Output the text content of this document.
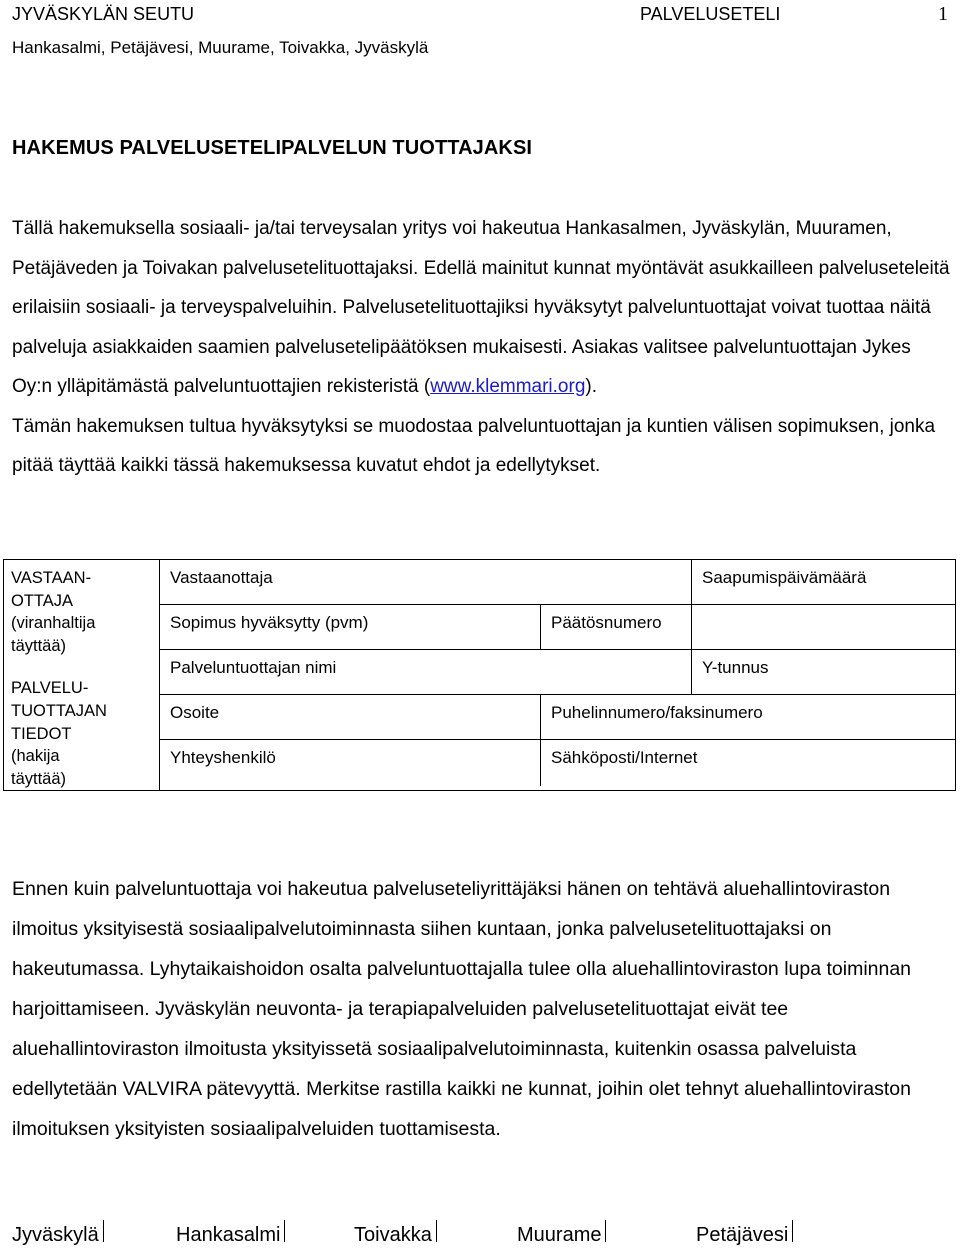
JYVÄSKYLÄN SEUTU
Hankasalmi, Petäjävesi, Muurame, Toivakka, Jyväskylä
PALVELUSETELI	1
HAKEMUS PALVELUSETELIPALVELUN TUOTTAJAKSI

Tällä hakemuksella sosiaali- ja/tai terveysalan yritys voi hakeutua Hankasalmen, Jyväskylän, Muuramen, Petäjäveden ja Toivakan palvelusetelituottajaksi. Edellä mainitut kunnat myöntävät asukkailleen palveluseteleitä erilaisiin sosiaali- ja terveyspalveluihin. Palvelusetelituottajiksi hyväksytyt palveluntuottajat voivat tuottaa näitä palveluja asiakkaiden saamien palvelusetelipäätöksen mukaisesti. Asiakas valitsee palveluntuottajan Jykes Oy:n ylläpitämästä palveluntuottajien rekisteristä (www.klemmari.org).

Tämän hakemuksen tultua hyväksytyksi se muodostaa palveluntuottajan ja kuntien välisen sopimuksen, jonka pitää täyttää kaikki tässä hakemuksessa kuvatut ehdot ja edellytykset.

VASTAAN-
OTTAJA
(viranhaltija
täyttää)
PALVELU-
TUOTTAJAN
TIEDOT
(hakija
täyttää)

Vastaanottaja	Saapumispäivämäärä
Sopimus hyväksytty (pvm)	Päätösnumero
Palveluntuottajan nimi	Y-tunnus
Osoite	Puhelinnumero/faksinumero
Yhteyshenkilö	Sähköposti/Internet

Ennen kuin palveluntuottaja voi hakeutua palveluseteliyrittäjäksi hänen on tehtävä aluehallintoviraston ilmoitus yksityisestä sosiaalipalvelutoiminnasta siihen kuntaan, jonka palvelusetelituottajaksi on hakeutumassa. Lyhytaikaishoidon osalta palveluntuottajalla tulee olla aluehallintoviraston lupa toiminnan harjoittamiseen. Jyväskylän neuvonta- ja terapiapalveluiden palvelusetelituottajat eivät tee aluehallintoviraston ilmoitusta yksityissetä sosiaalipalvelutoiminnasta, kuitenkin osassa palveluista edellytetään VALVIRA pätevyyttä. Merkitse rastilla kaikki ne kunnat, joihin olet tehnyt aluehallintoviraston ilmoituksen yksityisten sosiaalipalveluiden tuottamisesta.

Jyväskylä	Hankasalmi	Toivakka	Muurame	Petäjävesi
